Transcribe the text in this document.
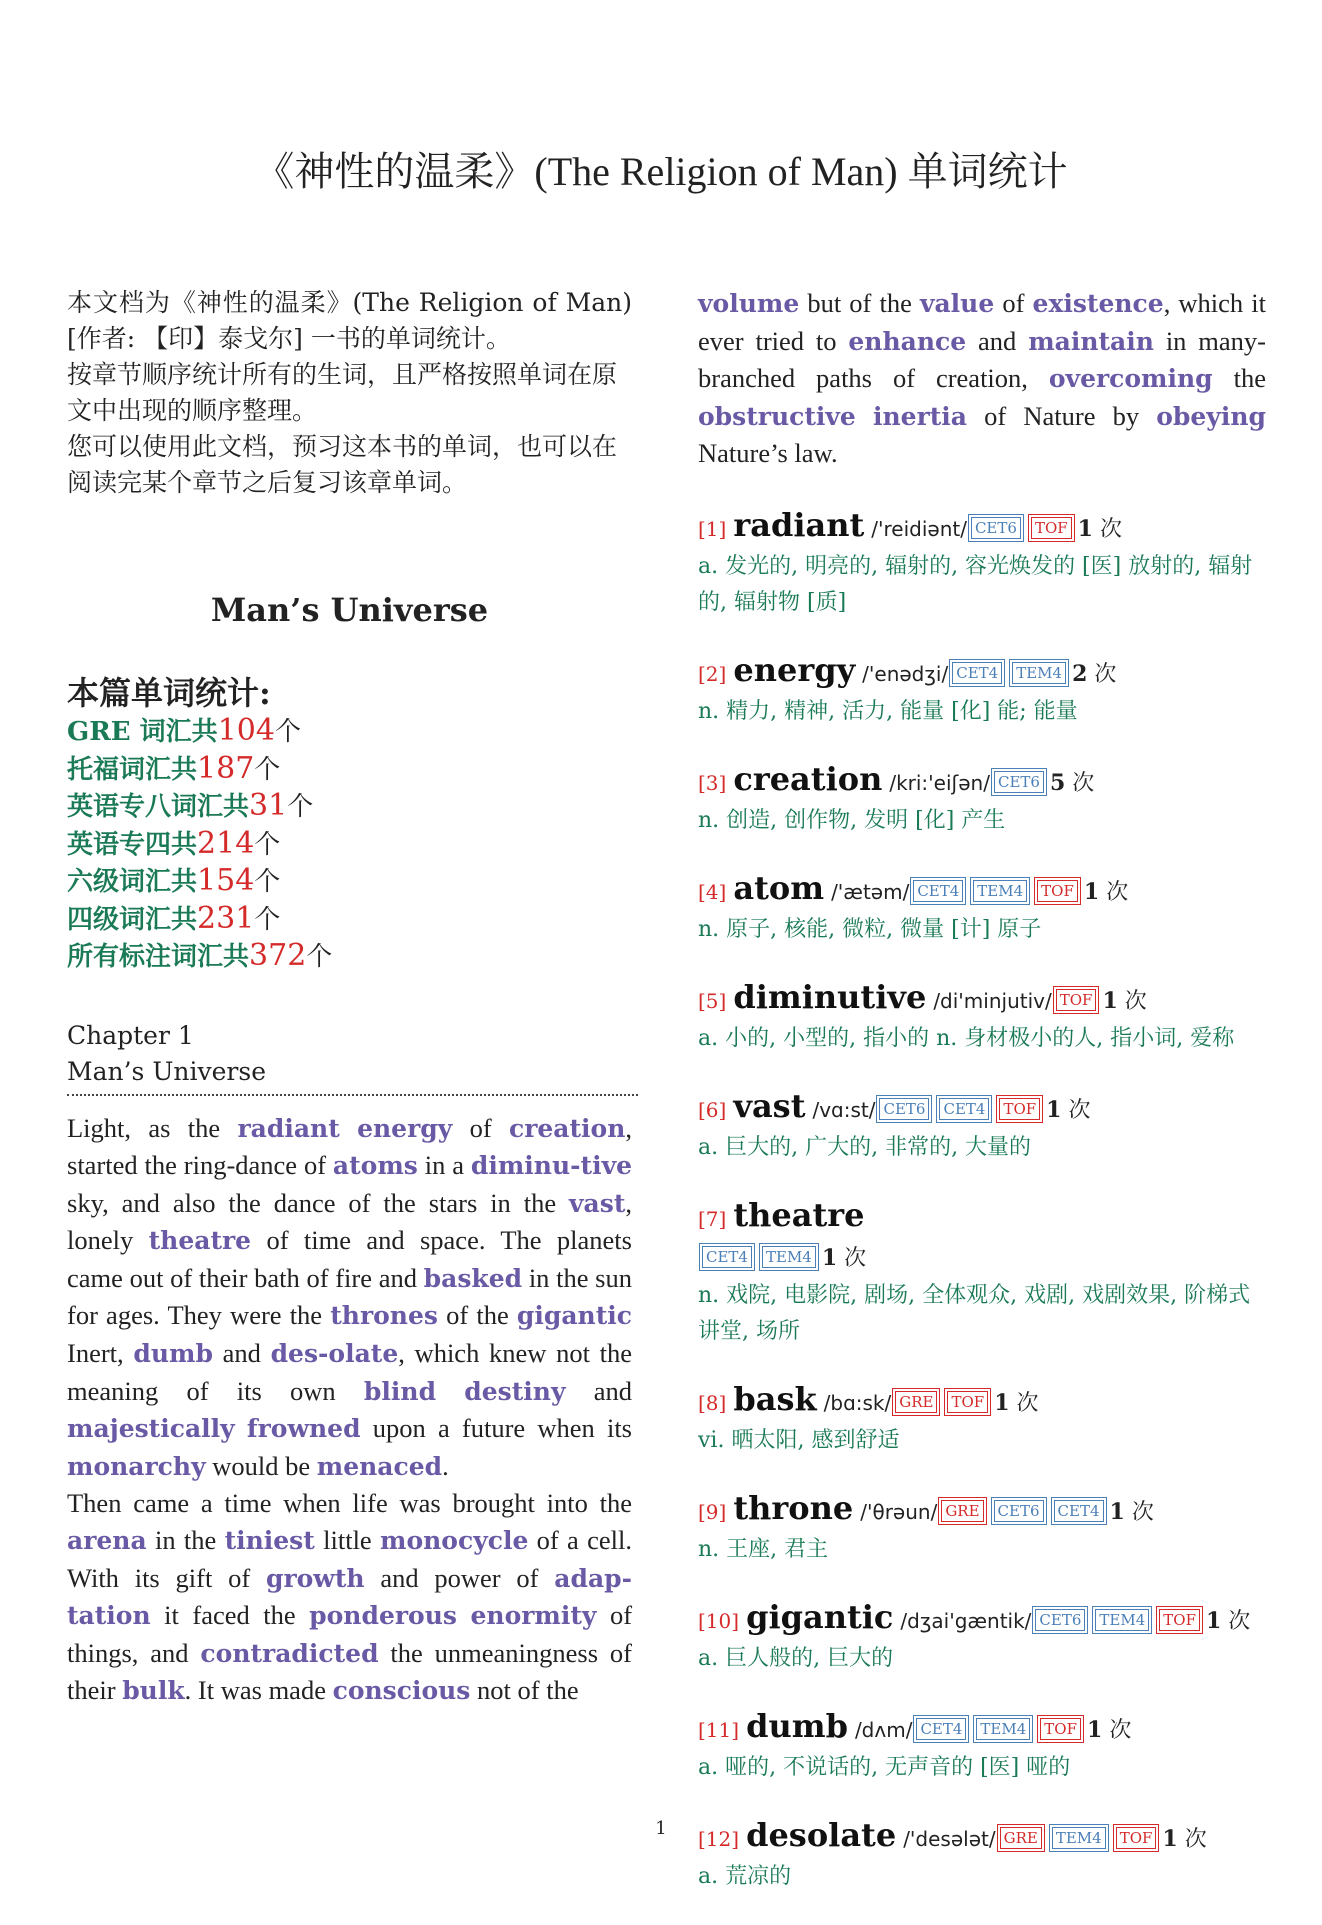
《神性的温柔》(The Religion of Man) 单词统计

本文档为《神性的温柔》(The Religion of Man)[作者: 【印】泰戈尔] 一书的单词统计。

按章节顺序统计所有的生词，且严格按照单词在原文中出现的顺序整理。

您可以使用此文档，预习这本书的单词，也可以在阅读完某个章节之后复习该章单词。

Man’s Universe
本篇单词统计:
GRE 词汇共104个
托福词汇共187个
英语专八词汇共31个
英语专四共214个
六级词汇共154个
四级词汇共231个
所有标注词汇共372个
Chapter 1
Man’s Universe

Light, as the radiant energy of creation, started the ring-dance of atoms in a diminu-tive sky, and also the dance of the stars in the vast, lonely theatre of time and space. The planets came out of their bath of fire and basked in the sun for ages. They were the thrones of the gigantic Inert, dumb and des-olate, which knew not the meaning of its own blind destiny and majestically frowned upon a future when its monarchy would be menaced.

Then came a time when life was brought into the arena in the tiniest little monocycle of a cell. With its gift of growth and power of adap-tation it faced the ponderous enormity of things, and contradicted the unmeaningness of their bulk. It was made conscious not of the

volume but of the value of existence, which it ever tried to enhance and maintain in many-branched paths of creation, overcoming the obstructive inertia of Nature by obeying Nature’s law.

[1] radiant /'reidiənt/ CET6 TOF 1 次
a. 发光的, 明亮的, 辐射的, 容光焕发的 [医] 放射的, 辐射的, 辐射物 [质]
[2] energy /'enədʒi/ CET4 TEM4 2 次
n. 精力, 精神, 活力, 能量 [化] 能; 能量
[3] creation /kri:'eiʃən/ CET6 5 次
n. 创造, 创作物, 发明 [化] 产生
[4] atom /'ætəm/ CET4 TEM4 TOF 1 次
n. 原子, 核能, 微粒, 微量 [计] 原子
[5] diminutive /di'minjutiv/ TOF 1 次
a. 小的, 小型的, 指小的 n. 身材极小的人, 指小词, 爱称
[6] vast /vɑ:st/ CET6 CET4 TOF 1 次
a. 巨大的, 广大的, 非常的, 大量的
[7] theatre
CET4 TEM4 1 次
n. 戏院, 电影院, 剧场, 全体观众, 戏剧, 戏剧效果, 阶梯式讲堂, 场所
[8] bask /bɑ:sk/ GRE TOF 1 次
vi. 晒太阳, 感到舒适
[9] throne /'θrəun/ GRE CET6 CET4 1 次
n. 王座, 君主
[10] gigantic /dʒai'gæntik/ CET6 TEM4 TOF 1 次
a. 巨人般的, 巨大的
[11] dumb /dʌm/ CET4 TEM4 TOF 1 次
a. 哑的, 不说话的, 无声音的 [医] 哑的
[12] desolate /'desələt/ GRE TEM4 TOF 1 次
a. 荒凉的
1
